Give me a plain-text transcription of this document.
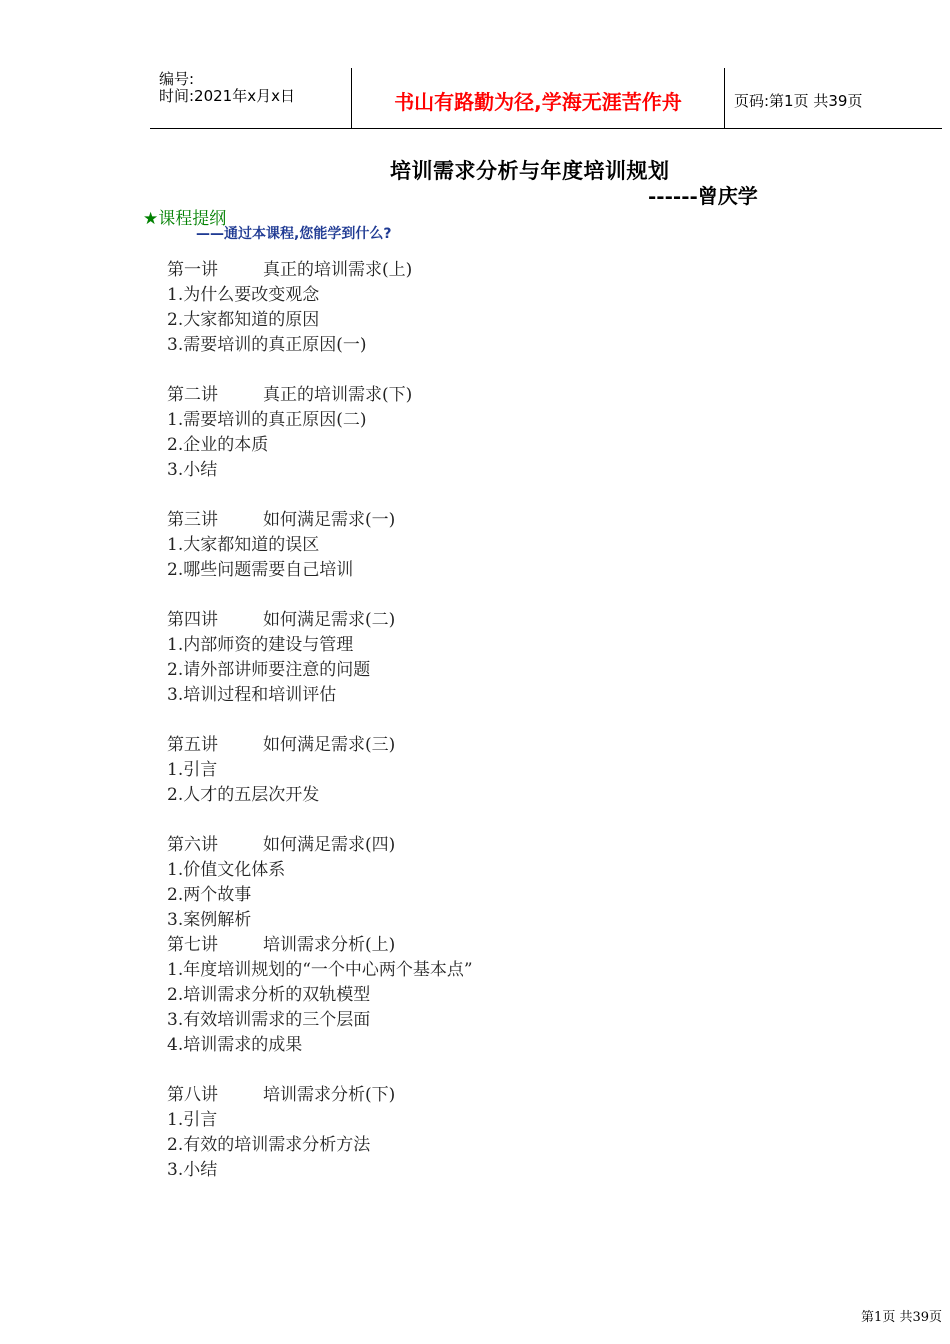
编号:
时间:2021年x月x日	书山有路勤为径,学海无涯苦作舟	页码:第1页 共39页
培训需求分析与年度培训规划
------曾庆学
★课程提纲
——通过本课程,您能学到什么?
第一讲	真正的培训需求(上)
1.为什么要改变观念
2.大家都知道的原因
3.需要培训的真正原因(一)
第二讲	真正的培训需求(下)
1.需要培训的真正原因(二)
2.企业的本质
3.小结
第三讲	如何满足需求(一)
1.大家都知道的误区
2.哪些问题需要自己培训
第四讲	如何满足需求(二)
1.内部师资的建设与管理
2.请外部讲师要注意的问题
3.培训过程和培训评估
第五讲	如何满足需求(三)
1.引言
2.人才的五层次开发
第六讲	如何满足需求(四)
1.价值文化体系
2.两个故事
3.案例解析
第七讲	培训需求分析(上)
1.年度培训规划的“一个中心两个基本点”
2.培训需求分析的双轨模型
3.有效培训需求的三个层面
4.培训需求的成果
第八讲	培训需求分析(下)
1.引言
2.有效的培训需求分析方法
3.小结
第1页 共39页
